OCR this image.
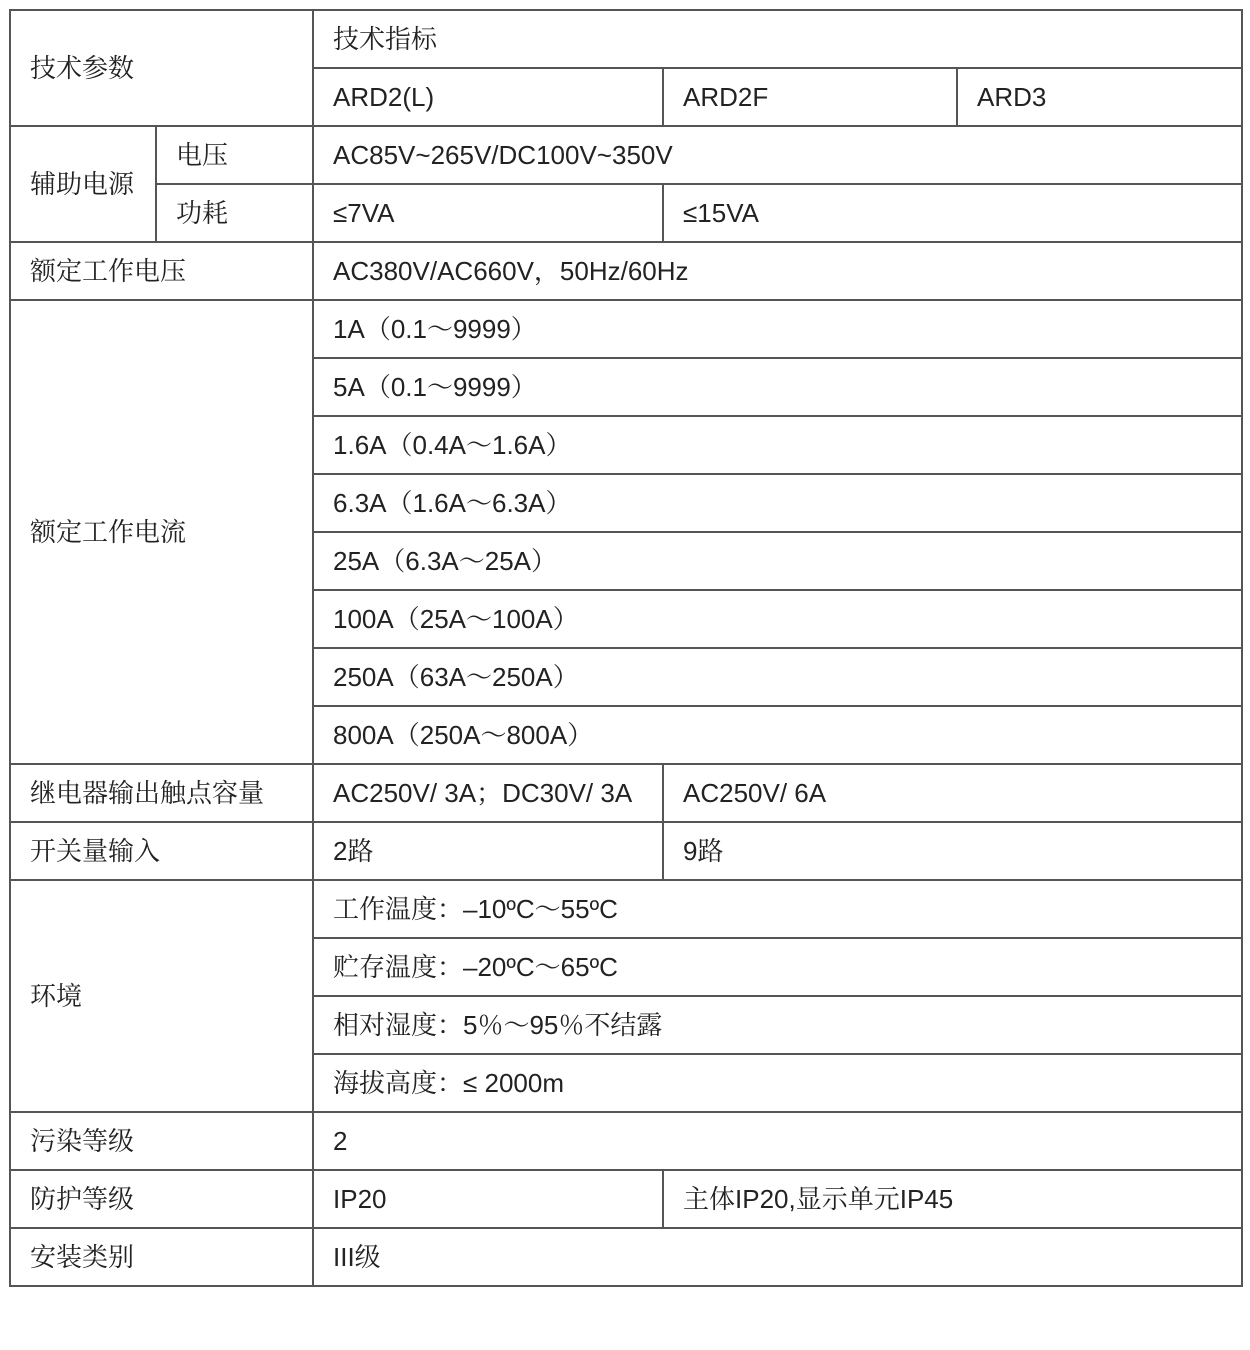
技术参数		技术指标		
		ARD2(L)	ARD2F	ARD3
辅助电源	电压	AC85V~265V/DC100V~350V		
	功耗	≤7VA	≤15VA	
额定工作电压		AC380V/AC660V，50Hz/60Hz		
额定工作电流		1A（0.1～9999）		
		5A（0.1～9999）		
		1.6A（0.4A～1.6A）		
		6.3A（1.6A～6.3A）		
		25A（6.3A～25A）		
		100A（25A～100A）		
		250A（63A～250A）		
		800A（250A～800A）		
继电器输出触点容量		AC250V/ 3A；DC30V/ 3A	AC250V/ 6A	
开关量输入		2路	9路	
环境		工作温度：–10ºC～55ºC		
		贮存温度：–20ºC～65ºC		
		相对湿度：5％～95％不结露		
		海拔高度：≤ 2000m		
污染等级		2		
防护等级		IP20	主体IP20,显示单元IP45	
安装类别		III级		
